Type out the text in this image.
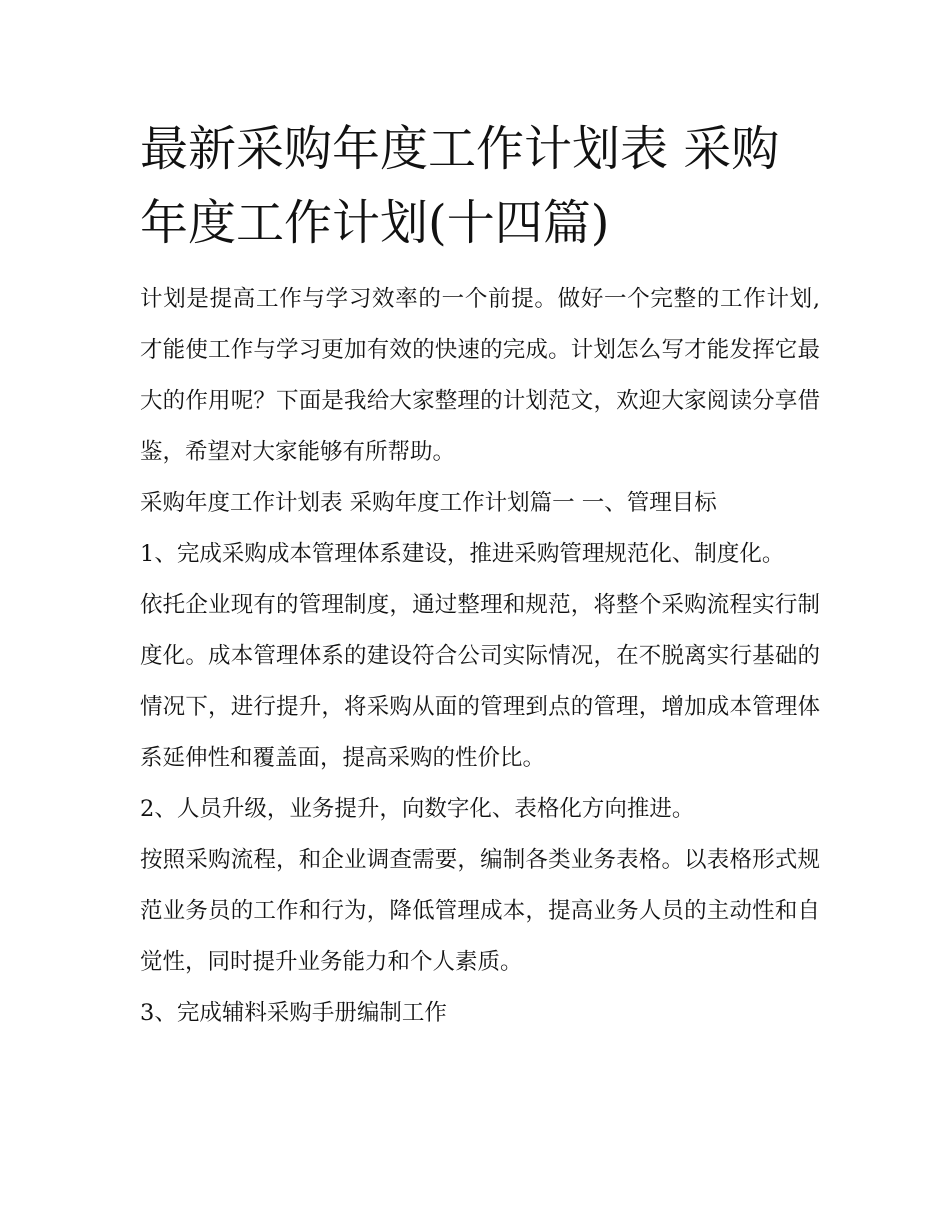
最新采购年度工作计划表 采购年度工作计划(十四篇)

计划是提高工作与学习效率的一个前提。做好一个完整的工作计划,才能使工作与学习更加有效的快速的完成。计划怎么写才能发挥它最大的作用呢？下面是我给大家整理的计划范文，欢迎大家阅读分享借鉴，希望对大家能够有所帮助。

采购年度工作计划表 采购年度工作计划篇一 一、管理目标

1、完成采购成本管理体系建设，推进采购管理规范化、制度化。

依托企业现有的管理制度，通过整理和规范，将整个采购流程实行制度化。成本管理体系的建设符合公司实际情况，在不脱离实行基础的情况下，进行提升，将采购从面的管理到点的管理，增加成本管理体系延伸性和覆盖面，提高采购的性价比。

2、人员升级，业务提升，向数字化、表格化方向推进。

按照采购流程，和企业调查需要，编制各类业务表格。以表格形式规范业务员的工作和行为，降低管理成本，提高业务人员的主动性和自觉性，同时提升业务能力和个人素质。

3、完成辅料采购手册编制工作
